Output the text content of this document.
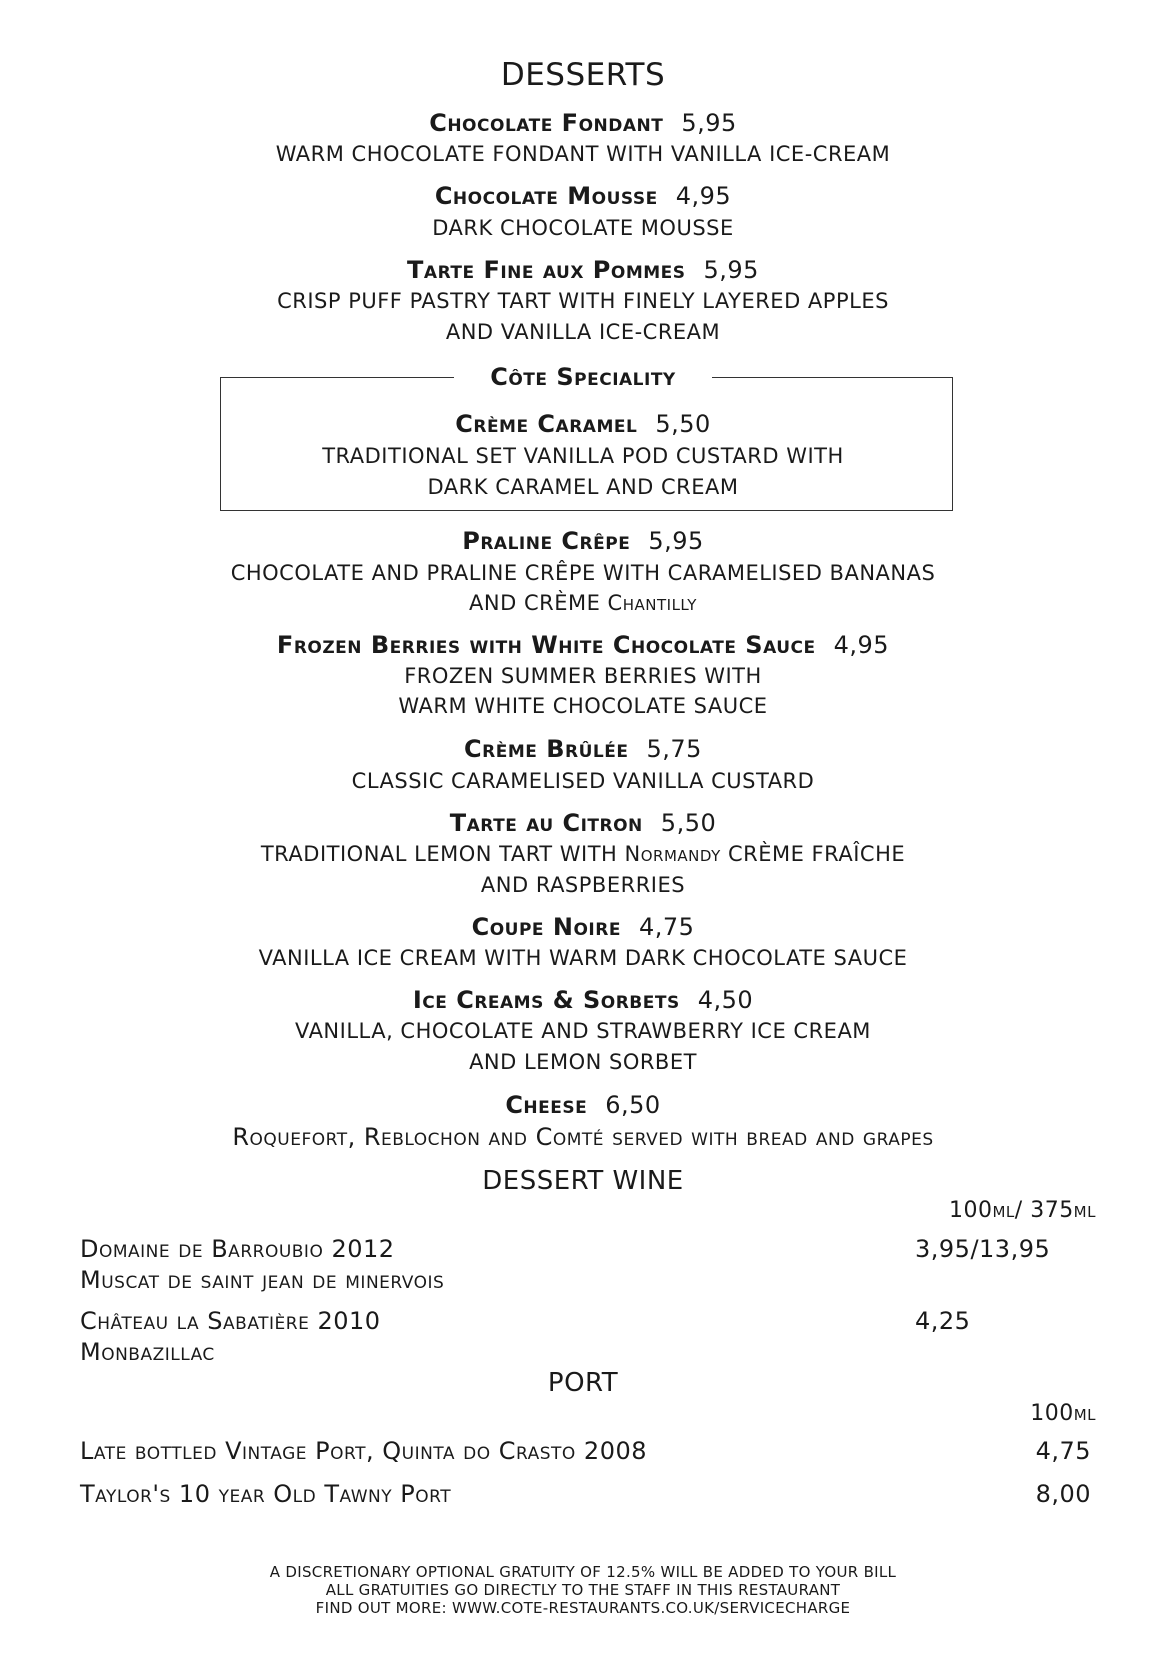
DESSERTS
Chocolate Fondant 5,95
WARM CHOCOLATE FONDANT WITH VANILLA ICE-CREAM
Chocolate Mousse 4,95
DARK CHOCOLATE MOUSSE
Tarte Fine aux Pommes 5,95
CRISP PUFF PASTRY TART WITH FINELY LAYERED APPLES
AND VANILLA ICE-CREAM
Côte Speciality
Crème Caramel 5,50
TRADITIONAL SET VANILLA POD CUSTARD WITH
DARK CARAMEL AND CREAM
Praline Crêpe 5,95
CHOCOLATE AND PRALINE CRÊPE WITH CARAMELISED BANANAS
AND CRÈME Chantilly
Frozen Berries with White Chocolate Sauce 4,95
FROZEN SUMMER BERRIES WITH
WARM WHITE CHOCOLATE SAUCE
Crème Brûlée 5,75
CLASSIC CARAMELISED VANILLA CUSTARD
Tarte au Citron 5,50
TRADITIONAL LEMON TART WITH Normandy CRÈME FRAÎCHE
AND RASPBERRIES
Coupe Noire 4,75
VANILLA ICE CREAM WITH WARM DARK CHOCOLATE SAUCE
Ice Creams & Sorbets 4,50
VANILLA, CHOCOLATE AND STRAWBERRY ICE CREAM
AND LEMON SORBET
Cheese 6,50
Roquefort, Reblochon and Comté served with bread and grapes
DESSERT WINE
100ml/ 375ml
Domaine de Barroubio 2012
Muscat de saint jean de minervois
3,95/13,95
Château la Sabatière 2010
Monbazillac
4,25
PORT
100ml
Late bottled Vintage Port, Quinta do Crasto 2008	4,75
Taylor's 10 year Old Tawny Port	8,00
A DISCRETIONARY OPTIONAL GRATUITY OF 12.5% WILL BE ADDED TO YOUR BILL
ALL GRATUITIES GO DIRECTLY TO THE STAFF IN THIS RESTAURANT
FIND OUT MORE: WWW.COTE-RESTAURANTS.CO.UK/SERVICECHARGE
